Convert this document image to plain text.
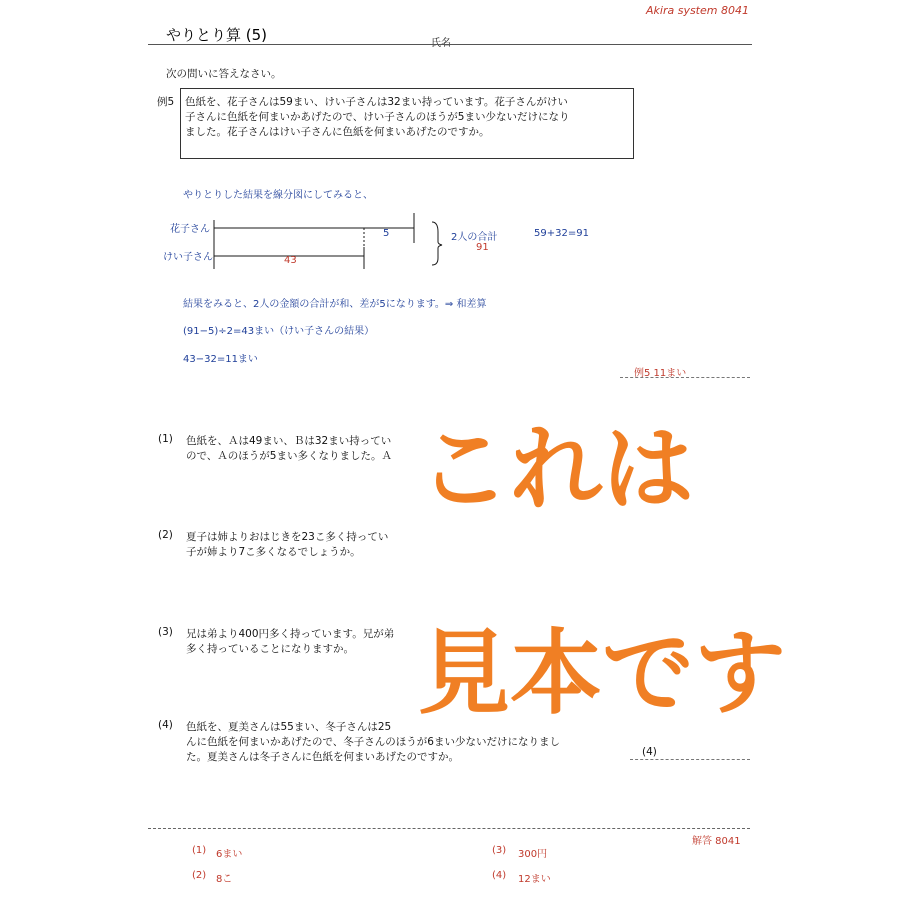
Akira system 8041
やりとり算 (5)	氏名
次の問いに答えなさい。
例5 色紙を、花子さんは59まい、けい子さんは32まい持っています。花子さんがけい
子さんに色紙を何まいかあげたので、けい子さんのほうが5まい少ないだけになり
ました。花子さんはけい子さんに色紙を何まいあげたのですか。
やりとりした結果を線分図にしてみると、
花子さん
けい子さん
5
43
2人の合計
91
59+32=91
結果をみると、2人の金額の合計が和、差が5になります。⇒ 和差算
(91−5)÷2=43まい（けい子さんの結果）
43−32=11まい
例5 11まい
(1) 色紙を、Ａは49まい、Ｂは32まい持ってい
ので、Ａのほうが5まい多くなりました。Ａ
(2) 夏子は姉よりおはじきを23こ多く持ってい
子が姉より7こ多くなるでしょうか。
(3) 兄は弟より400円多く持っています。兄が弟
多く持っていることになりますか。
(4) 色紙を、夏美さんは55まい、冬子さんは25
んに色紙を何まいかあげたので、冬子さんのほうが6まい少ないだけになりまし
た。夏美さんは冬子さんに色紙を何まいあげたのですか。	(4)
これは
見本です
解答 8041
(1) 6まい
(2) 8こ
(3) 300円
(4) 12まい
